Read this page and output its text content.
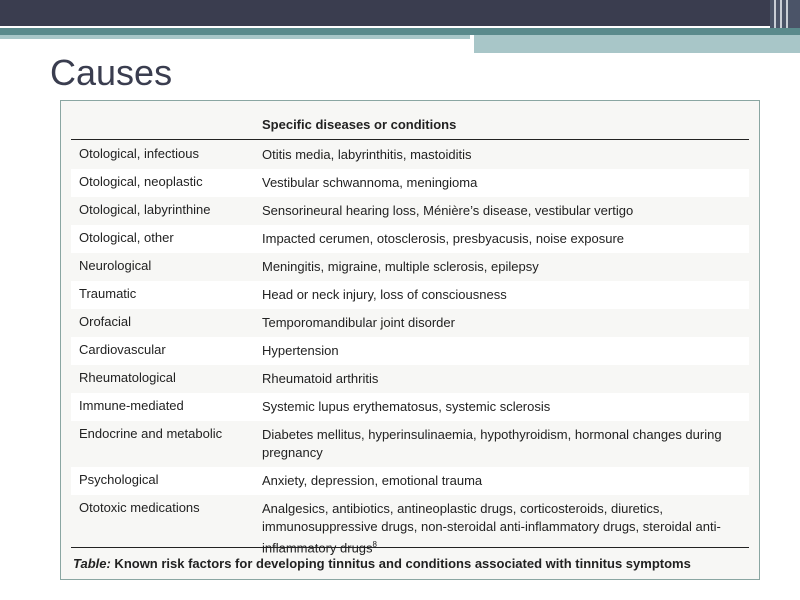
Causes
Specific diseases or conditions
Otological, infectious	Otitis media, labyrinthitis, mastoiditis
Otological, neoplastic	Vestibular schwannoma, meningioma
Otological, labyrinthine	Sensorineural hearing loss, Ménière’s disease, vestibular vertigo
Otological, other	Impacted cerumen, otosclerosis, presbyacusis, noise exposure
Neurological	Meningitis, migraine, multiple sclerosis, epilepsy
Traumatic	Head or neck injury, loss of consciousness
Orofacial	Temporomandibular joint disorder
Cardiovascular	Hypertension
Rheumatological	Rheumatoid arthritis
Immune-mediated	Systemic lupus erythematosus, systemic sclerosis
Endocrine and metabolic	Diabetes mellitus, hyperinsulinaemia, hypothyroidism, hormonal changes during pregnancy
Psychological	Anxiety, depression, emotional trauma
Ototoxic medications	Analgesics, antibiotics, antineoplastic drugs, corticosteroids, diuretics, immunosuppressive drugs, non-steroidal anti-inflammatory drugs, steroidal anti-inflammatory drugs$^8$
Table: Known risk factors for developing tinnitus and conditions associated with tinnitus symptoms
